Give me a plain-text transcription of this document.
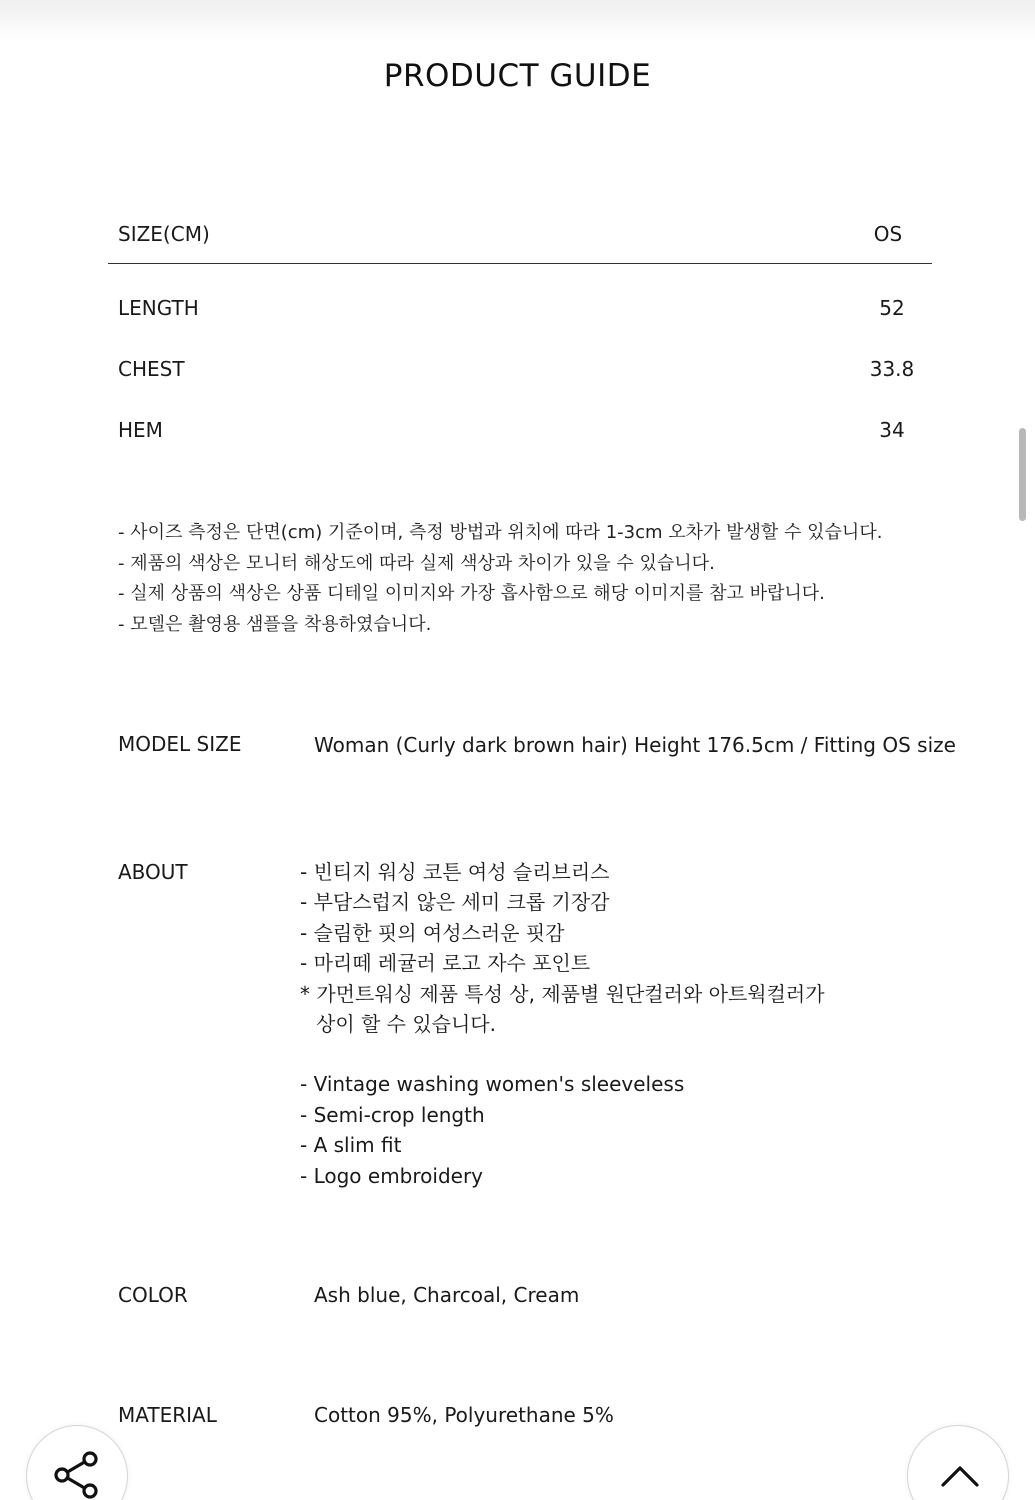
PRODUCT GUIDE
SIZE(CM)	OS
LENGTH	52
CHEST	33.8
HEM	34
- 사이즈 측정은 단면(cm) 기준이며, 측정 방법과 위치에 따라 1-3cm 오차가 발생할 수 있습니다.
- 제품의 색상은 모니터 해상도에 따라 실제 색상과 차이가 있을 수 있습니다.
- 실제 상품의 색상은 상품 디테일 이미지와 가장 흡사함으로 해당 이미지를 참고 바랍니다.
- 모델은 촬영용 샘플을 착용하였습니다.
MODEL SIZE	Woman (Curly dark brown hair) Height 176.5cm / Fitting OS size
ABOUT	- 빈티지 워싱 코튼 여성 슬리브리스
- 부담스럽지 않은 세미 크롭 기장감
- 슬림한 핏의 여성스러운 핏감
- 마리떼 레귤러 로고 자수 포인트
* 가먼트워싱 제품 특성 상, 제품별 원단컬러와 아트웍컬러가
상이 할 수 있습니다.
- Vintage washing women's sleeveless
- Semi-crop length
- A slim fit
- Logo embroidery
COLOR	Ash blue, Charcoal, Cream
MATERIAL	Cotton 95%, Polyurethane 5%
